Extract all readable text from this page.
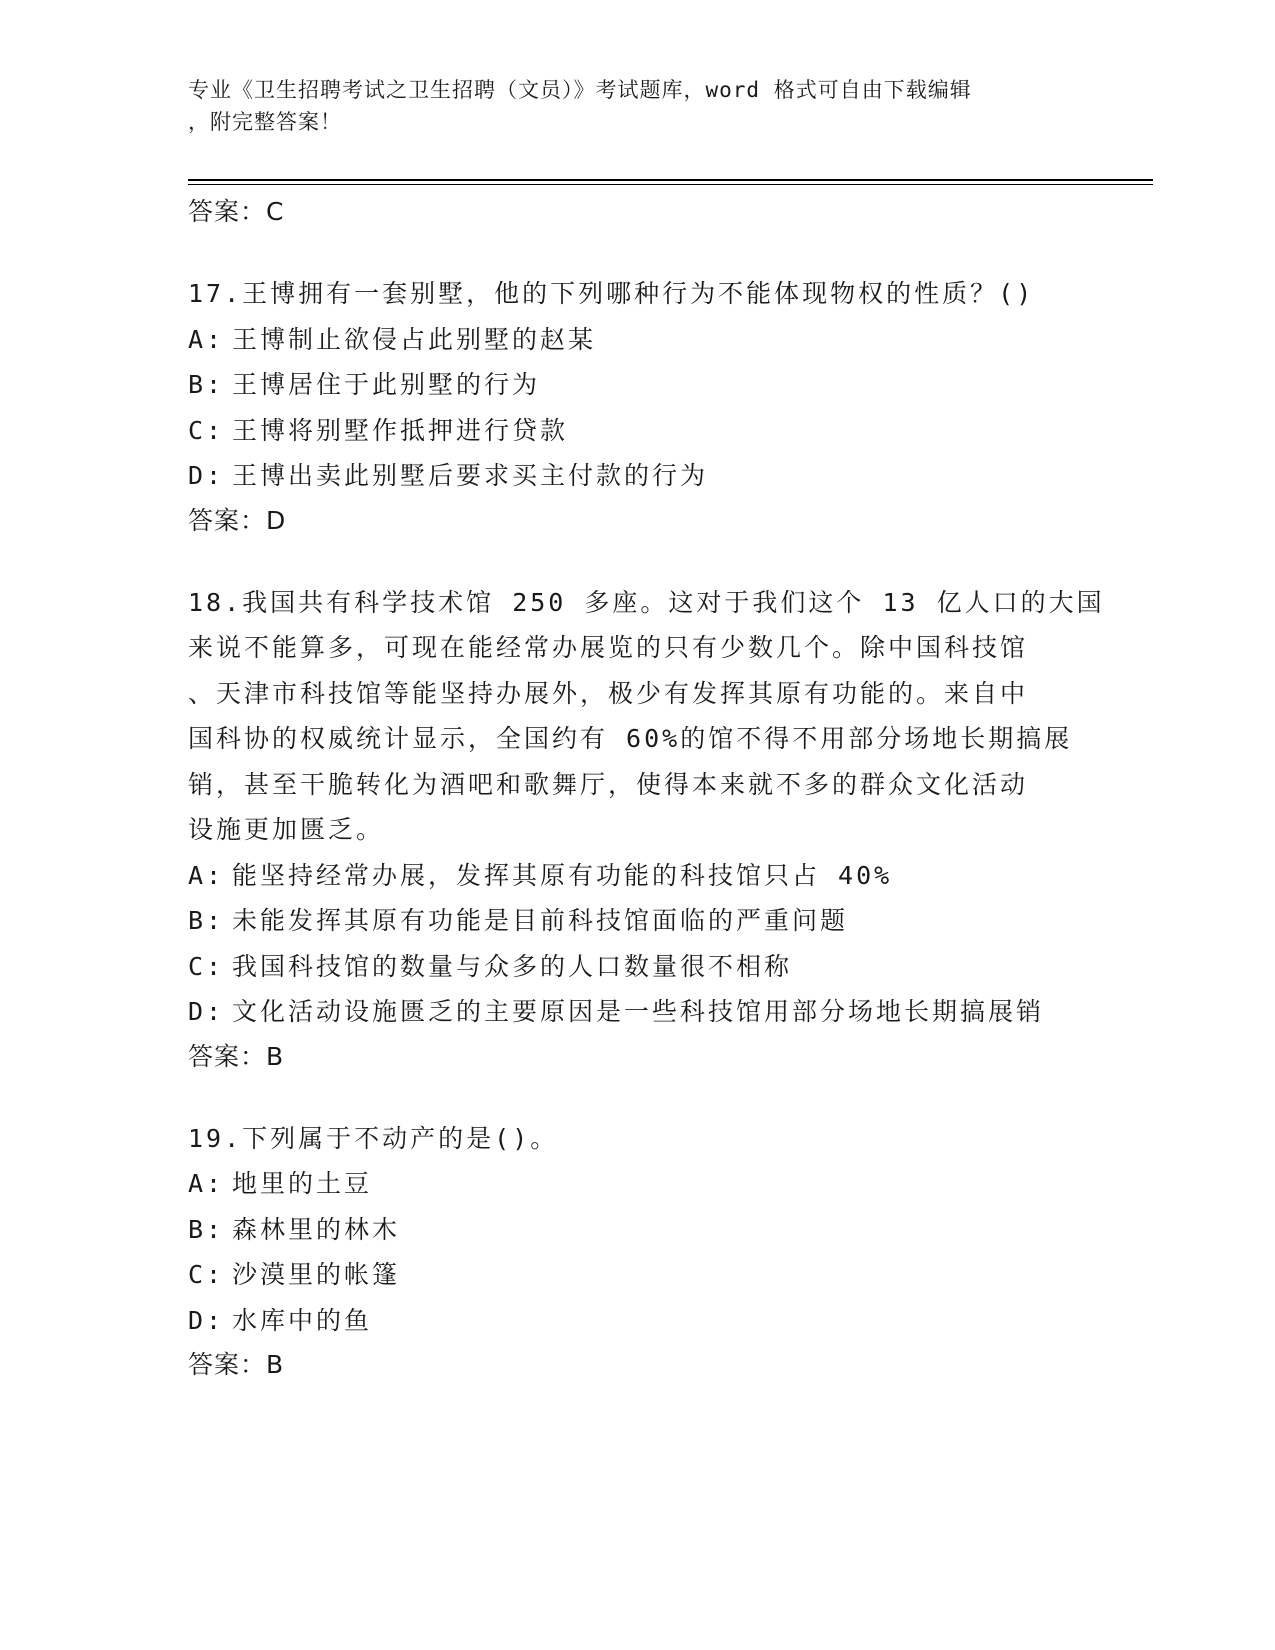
专业《卫生招聘考试之卫生招聘（文员）》考试题库，word 格式可自由下载编辑
，附完整答案！
答案：C
17.王博拥有一套别墅，他的下列哪种行为不能体现物权的性质？()
A: 王博制止欲侵占此别墅的赵某
B: 王博居住于此别墅的行为
C: 王博将别墅作抵押进行贷款
D: 王博出卖此别墅后要求买主付款的行为
答案：D
18.我国共有科学技术馆 250 多座。这对于我们这个 13 亿人口的大国
来说不能算多，可现在能经常办展览的只有少数几个。除中国科技馆
、天津市科技馆等能坚持办展外，极少有发挥其原有功能的。来自中
国科协的权威统计显示，全国约有 60%的馆不得不用部分场地长期搞展
销，甚至干脆转化为酒吧和歌舞厅，使得本来就不多的群众文化活动
设施更加匮乏。
A: 能坚持经常办展，发挥其原有功能的科技馆只占 40%
B: 未能发挥其原有功能是目前科技馆面临的严重问题
C: 我国科技馆的数量与众多的人口数量很不相称
D: 文化活动设施匮乏的主要原因是一些科技馆用部分场地长期搞展销
答案：B
19.下列属于不动产的是()。
A: 地里的土豆
B: 森林里的林木
C: 沙漠里的帐篷
D: 水库中的鱼
答案：B
